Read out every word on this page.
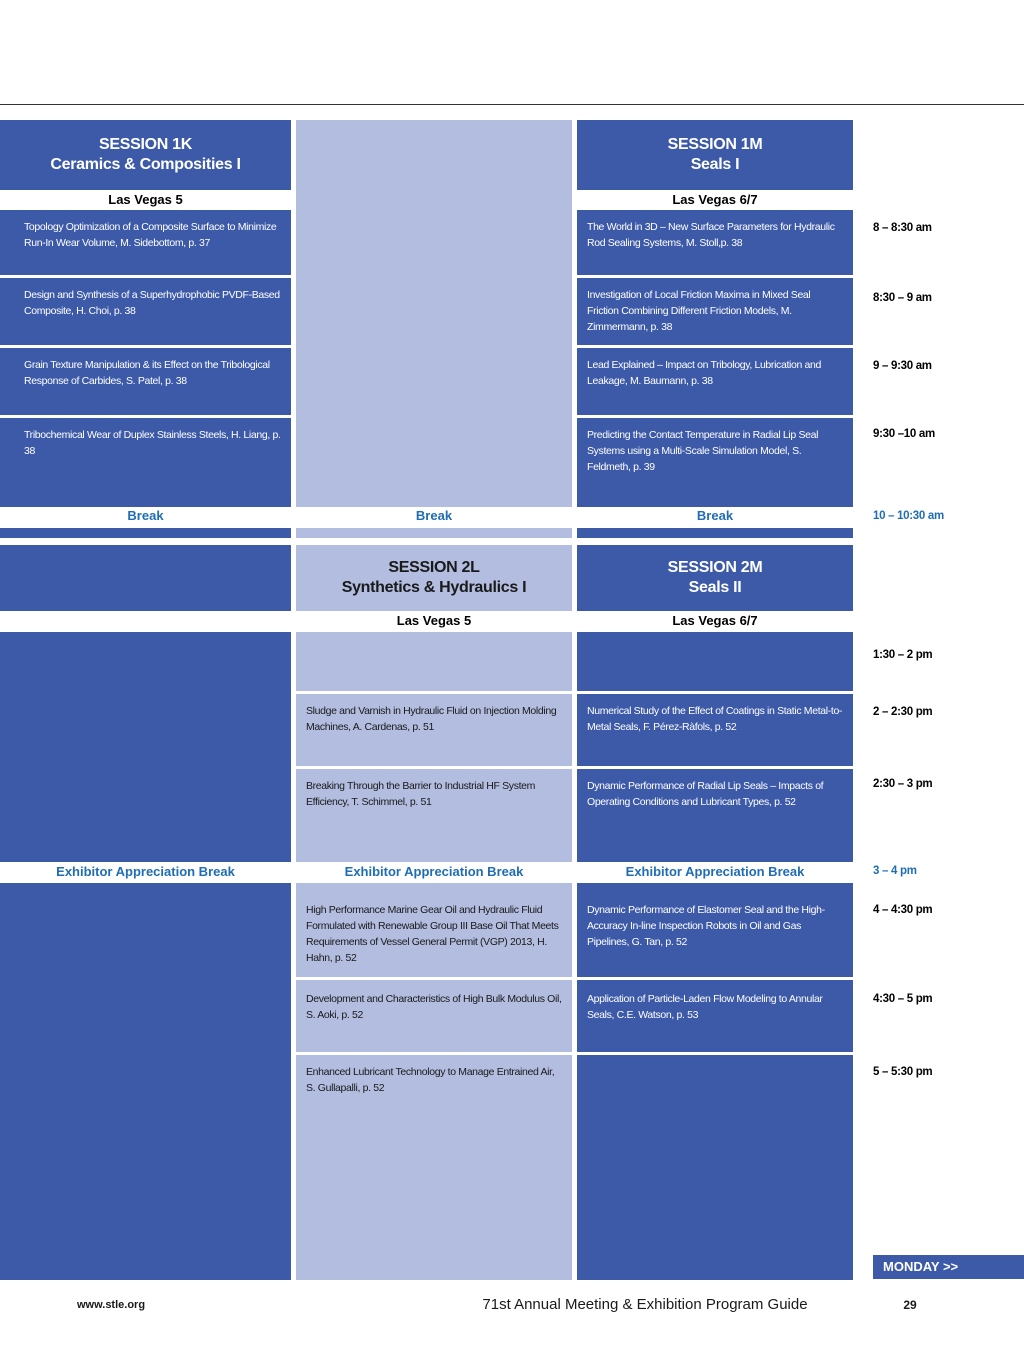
SESSION 1K
Ceramics & Composities I
Las Vegas 5
Topology Optimization of a Composite Surface to Minimize Run-In Wear Volume, M. Sidebottom, p. 37
Design and Synthesis of a Superhydrophobic PVDF-Based Composite, H. Choi, p. 38
Grain Texture Manipulation & its Effect on the Tribological Response of Carbides, S. Patel, p. 38
Tribochemical Wear of Duplex Stainless Steels, H. Liang, p. 38
Break
Exhibitor Appreciation Break
Break
SESSION 2L
Synthetics & Hydraulics I
Las Vegas 5
Sludge and Varnish in Hydraulic Fluid on Injection Molding Machines, A. Cardenas, p. 51
Breaking Through the Barrier to Industrial HF System Efficiency, T. Schimmel, p. 51
Exhibitor Appreciation Break
High Performance Marine Gear Oil and Hydraulic Fluid Formulated with Renewable Group III Base Oil That Meets Requirements of Vessel General Permit (VGP) 2013, H. Hahn, p. 52
Development and Characteristics of High Bulk Modulus Oil, S. Aoki, p. 52
Enhanced Lubricant Technology to Manage Entrained Air, S. Gullapalli, p. 52
SESSION 1M
Seals I
Las Vegas 6/7
The World in 3D – New Surface Parameters for Hydraulic Rod Sealing Systems, M. Stoll,p. 38
Investigation of Local Friction Maxima in Mixed Seal Friction Combining Different Friction Models, M. Zimmermann, p. 38
Lead Explained – Impact on Tribology, Lubrication and Leakage, M. Baumann, p. 38
Predicting the Contact Temperature in Radial Lip Seal Systems using a Multi-Scale Simulation Model, S. Feldmeth, p. 39
Break
SESSION 2M
Seals II
Las Vegas 6/7
Numerical Study of the Effect of Coatings in Static Metal-to-Metal Seals, F. Pérez-Ràfols, p. 52
Dynamic Performance of Radial Lip Seals – Impacts of Operating Conditions and Lubricant Types, p. 52
Exhibitor Appreciation Break
Dynamic Performance of Elastomer Seal and the High-Accuracy In-line Inspection Robots in Oil and Gas Pipelines, G. Tan, p. 52
Application of Particle-Laden Flow Modeling to Annular Seals, C.E. Watson, p. 53
8 – 8:30 am
8:30 – 9 am
9 – 9:30 am
9:30 –10 am
10 – 10:30 am
1:30 – 2 pm
2 – 2:30 pm
2:30 – 3 pm
3 – 4 pm
4 – 4:30 pm
4:30 – 5 pm
5 – 5:30 pm
MONDAY >>
www.stle.org	71st Annual Meeting & Exhibition Program Guide	29
